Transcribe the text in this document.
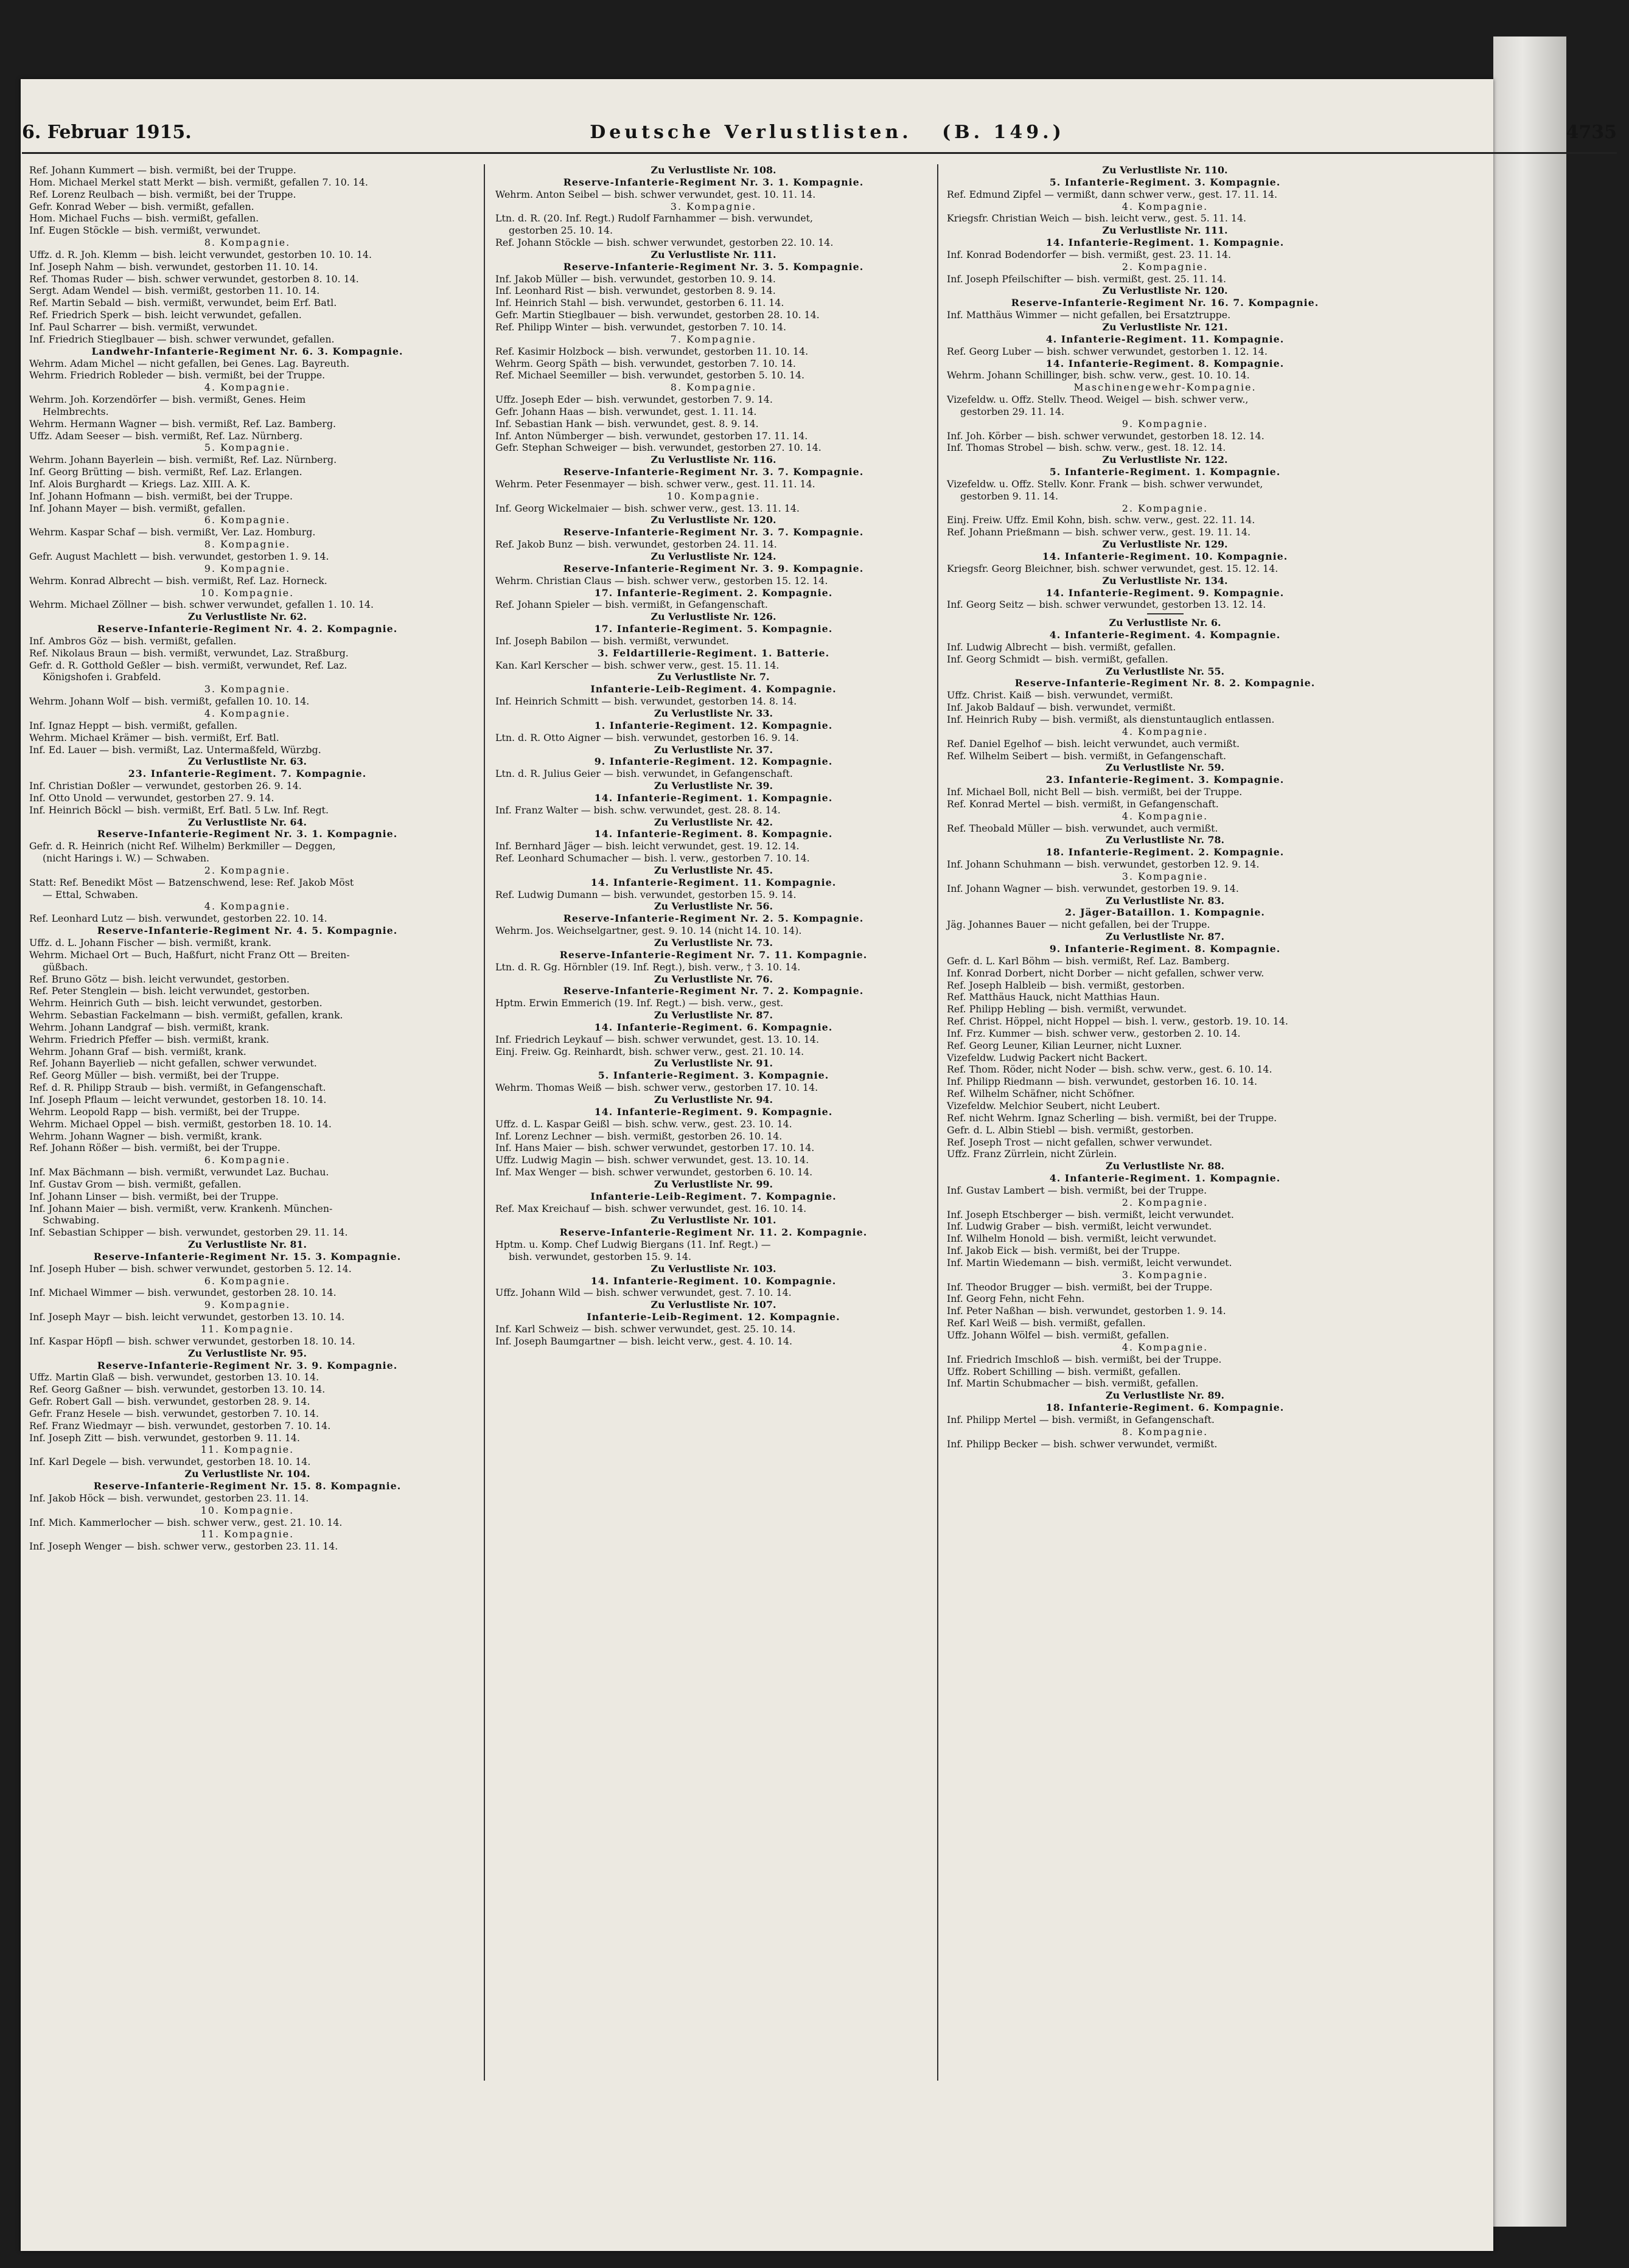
6. Februar 1915.	Deutsche Verlustlisten. (B. 149.)	4735
Ref. Johann Kummert — bish. vermißt, bei der Truppe.
Hom. Michael Merkel statt Merkt — bish. vermißt, gefallen 7. 10. 14.
Ref. Lorenz Reulbach — bish. vermißt, bei der Truppe.
Gefr. Konrad Weber — bish. vermißt, gefallen.
Hom. Michael Fuchs — bish. vermißt, gefallen.
Inf. Eugen Stöckle — bish. vermißt, verwundet.
8. Kompagnie.
Uffz. d. R. Joh. Klemm — bish. leicht verwundet, gestorben 10. 10. 14.
Inf. Joseph Nahm — bish. verwundet, gestorben 11. 10. 14.
Ref. Thomas Ruder — bish. schwer verwundet, gestorben 8. 10. 14.
Sergt. Adam Wendel — bish. vermißt, gestorben 11. 10. 14.
Ref. Martin Sebald — bish. vermißt, verwundet, beim Erf. Batl.
Ref. Friedrich Sperk — bish. leicht verwundet, gefallen.
Inf. Paul Scharrer — bish. vermißt, verwundet.
Inf. Friedrich Stieglbauer — bish. schwer verwundet, gefallen.
Landwehr-Infanterie-Regiment Nr. 6. 3. Kompagnie.
Wehrm. Adam Michel — nicht gefallen, bei Genes. Lag. Bayreuth.
Wehrm. Friedrich Robleder — bish. vermißt, bei der Truppe.
4. Kompagnie.
Wehrm. Joh. Korzendörfer — bish. vermißt, Genes. Heim
Helmbrechts.
Wehrm. Hermann Wagner — bish. vermißt, Ref. Laz. Bamberg.
Uffz. Adam Seeser — bish. vermißt, Ref. Laz. Nürnberg.
5. Kompagnie.
Wehrm. Johann Bayerlein — bish. vermißt, Ref. Laz. Nürnberg.
Inf. Georg Brütting — bish. vermißt, Ref. Laz. Erlangen.
Inf. Alois Burghardt — Kriegs. Laz. XIII. A. K.
Inf. Johann Hofmann — bish. vermißt, bei der Truppe.
Inf. Johann Mayer — bish. vermißt, gefallen.
6. Kompagnie.
Wehrm. Kaspar Schaf — bish. vermißt, Ver. Laz. Homburg.
8. Kompagnie.
Gefr. August Machlett — bish. verwundet, gestorben 1. 9. 14.
9. Kompagnie.
Wehrm. Konrad Albrecht — bish. vermißt, Ref. Laz. Horneck.
10. Kompagnie.
Wehrm. Michael Zöllner — bish. schwer verwundet, gefallen 1. 10. 14.
Zu Verlustliste Nr. 62.
Reserve-Infanterie-Regiment Nr. 4. 2. Kompagnie.
Inf. Ambros Göz — bish. vermißt, gefallen.
Ref. Nikolaus Braun — bish. vermißt, verwundet, Laz. Straßburg.
Gefr. d. R. Gotthold Geßler — bish. vermißt, verwundet, Ref. Laz.
Königshofen i. Grabfeld.
3. Kompagnie.
Wehrm. Johann Wolf — bish. vermißt, gefallen 10. 10. 14.
4. Kompagnie.
Inf. Ignaz Heppt — bish. vermißt, gefallen.
Wehrm. Michael Krämer — bish. vermißt, Erf. Batl.
Inf. Ed. Lauer — bish. vermißt, Laz. Untermaßfeld, Würzbg.
Zu Verlustliste Nr. 63.
23. Infanterie-Regiment. 7. Kompagnie.
Inf. Christian Doßler — verwundet, gestorben 26. 9. 14.
Inf. Otto Unold — verwundet, gestorben 27. 9. 14.
Inf. Heinrich Böckl — bish. vermißt, Erf. Batl. 5 Lw. Inf. Regt.
Zu Verlustliste Nr. 64.
Reserve-Infanterie-Regiment Nr. 3. 1. Kompagnie.
Gefr. d. R. Heinrich (nicht Ref. Wilhelm) Berkmiller — Deggen,
(nicht Harings i. W.) — Schwaben.
2. Kompagnie.
Statt: Ref. Benedikt Möst — Batzenschwend, lese: Ref. Jakob Möst
— Ettal, Schwaben.
4. Kompagnie.
Ref. Leonhard Lutz — bish. verwundet, gestorben 22. 10. 14.
Reserve-Infanterie-Regiment Nr. 4. 5. Kompagnie.
Uffz. d. L. Johann Fischer — bish. vermißt, krank.
Wehrm. Michael Ort — Buch, Haßfurt, nicht Franz Ott — Breiten-
güßbach.
Ref. Bruno Götz — bish. leicht verwundet, gestorben.
Ref. Peter Stenglein — bish. leicht verwundet, gestorben.
Wehrm. Heinrich Guth — bish. leicht verwundet, gestorben.
Wehrm. Sebastian Fackelmann — bish. vermißt, gefallen, krank.
Wehrm. Johann Landgraf — bish. vermißt, krank.
Wehrm. Friedrich Pfeffer — bish. vermißt, krank.
Wehrm. Johann Graf — bish. vermißt, krank.
Ref. Johann Bayerlieb — nicht gefallen, schwer verwundet.
Ref. Georg Müller — bish. vermißt, bei der Truppe.
Ref. d. R. Philipp Straub — bish. vermißt, in Gefangenschaft.
Inf. Joseph Pflaum — leicht verwundet, gestorben 18. 10. 14.
Wehrm. Leopold Rapp — bish. vermißt, bei der Truppe.
Wehrm. Michael Oppel — bish. vermißt, gestorben 18. 10. 14.
Wehrm. Johann Wagner — bish. vermißt, krank.
Ref. Johann Rößer — bish. vermißt, bei der Truppe.
6. Kompagnie.
Inf. Max Bächmann — bish. vermißt, verwundet Laz. Buchau.
Inf. Gustav Grom — bish. vermißt, gefallen.
Inf. Johann Linser — bish. vermißt, bei der Truppe.
Inf. Johann Maier — bish. vermißt, verw. Krankenh. München-
Schwabing.
Inf. Sebastian Schipper — bish. verwundet, gestorben 29. 11. 14.
Zu Verlustliste Nr. 81.
Reserve-Infanterie-Regiment Nr. 15. 3. Kompagnie.
Inf. Joseph Huber — bish. schwer verwundet, gestorben 5. 12. 14.
6. Kompagnie.
Inf. Michael Wimmer — bish. verwundet, gestorben 28. 10. 14.
9. Kompagnie.
Inf. Joseph Mayr — bish. leicht verwundet, gestorben 13. 10. 14.
11. Kompagnie.
Inf. Kaspar Höpfl — bish. schwer verwundet, gestorben 18. 10. 14.
Zu Verlustliste Nr. 95.
Reserve-Infanterie-Regiment Nr. 3. 9. Kompagnie.
Uffz. Martin Glaß — bish. verwundet, gestorben 13. 10. 14.
Ref. Georg Gaßner — bish. verwundet, gestorben 13. 10. 14.
Gefr. Robert Gall — bish. verwundet, gestorben 28. 9. 14.
Gefr. Franz Hesele — bish. verwundet, gestorben 7. 10. 14.
Ref. Franz Wiedmayr — bish. verwundet, gestorben 7. 10. 14.
Inf. Joseph Zitt — bish. verwundet, gestorben 9. 11. 14.
11. Kompagnie.
Inf. Karl Degele — bish. verwundet, gestorben 18. 10. 14.
Zu Verlustliste Nr. 104.
Reserve-Infanterie-Regiment Nr. 15. 8. Kompagnie.
Inf. Jakob Höck — bish. verwundet, gestorben 23. 11. 14.
10. Kompagnie.
Inf. Mich. Kammerlocher — bish. schwer verw., gest. 21. 10. 14.
11. Kompagnie.
Inf. Joseph Wenger — bish. schwer verw., gestorben 23. 11. 14.
Zu Verlustliste Nr. 108.
Reserve-Infanterie-Regiment Nr. 3. 1. Kompagnie.
Wehrm. Anton Seibel — bish. schwer verwundet, gest. 10. 11. 14.
3. Kompagnie.
Ltn. d. R. (20. Inf. Regt.) Rudolf Farnhammer — bish. verwundet,
gestorben 25. 10. 14.
Ref. Johann Stöckle — bish. schwer verwundet, gestorben 22. 10. 14.
Zu Verlustliste Nr. 111.
Reserve-Infanterie-Regiment Nr. 3. 5. Kompagnie.
Inf. Jakob Müller — bish. verwundet, gestorben 10. 9. 14.
Inf. Leonhard Rist — bish. verwundet, gestorben 8. 9. 14.
Inf. Heinrich Stahl — bish. verwundet, gestorben 6. 11. 14.
Gefr. Martin Stieglbauer — bish. verwundet, gestorben 28. 10. 14.
Ref. Philipp Winter — bish. verwundet, gestorben 7. 10. 14.
7. Kompagnie.
Ref. Kasimir Holzbock — bish. verwundet, gestorben 11. 10. 14.
Wehrm. Georg Späth — bish. verwundet, gestorben 7. 10. 14.
Ref. Michael Seemiller — bish. verwundet, gestorben 5. 10. 14.
8. Kompagnie.
Uffz. Joseph Eder — bish. verwundet, gestorben 7. 9. 14.
Gefr. Johann Haas — bish. verwundet, gest. 1. 11. 14.
Inf. Sebastian Hank — bish. verwundet, gest. 8. 9. 14.
Inf. Anton Nümberger — bish. verwundet, gestorben 17. 11. 14.
Gefr. Stephan Schweiger — bish. verwundet, gestorben 27. 10. 14.
Zu Verlustliste Nr. 116.
Reserve-Infanterie-Regiment Nr. 3. 7. Kompagnie.
Wehrm. Peter Fesenmayer — bish. schwer verw., gest. 11. 11. 14.
10. Kompagnie.
Inf. Georg Wickelmaier — bish. schwer verw., gest. 13. 11. 14.
Zu Verlustliste Nr. 120.
Reserve-Infanterie-Regiment Nr. 3. 7. Kompagnie.
Ref. Jakob Bunz — bish. verwundet, gestorben 24. 11. 14.
Zu Verlustliste Nr. 124.
Reserve-Infanterie-Regiment Nr. 3. 9. Kompagnie.
Wehrm. Christian Claus — bish. schwer verw., gestorben 15. 12. 14.
17. Infanterie-Regiment. 2. Kompagnie.
Ref. Johann Spieler — bish. vermißt, in Gefangenschaft.
Zu Verlustliste Nr. 126.
17. Infanterie-Regiment. 5. Kompagnie.
Inf. Joseph Babilon — bish. vermißt, verwundet.
3. Feldartillerie-Regiment. 1. Batterie.
Kan. Karl Kerscher — bish. schwer verw., gest. 15. 11. 14.
Zu Verlustliste Nr. 7.
Infanterie-Leib-Regiment. 4. Kompagnie.
Inf. Heinrich Schmitt — bish. verwundet, gestorben 14. 8. 14.
Zu Verlustliste Nr. 33.
1. Infanterie-Regiment. 12. Kompagnie.
Ltn. d. R. Otto Aigner — bish. verwundet, gestorben 16. 9. 14.
Zu Verlustliste Nr. 37.
9. Infanterie-Regiment. 12. Kompagnie.
Ltn. d. R. Julius Geier — bish. verwundet, in Gefangenschaft.
Zu Verlustliste Nr. 39.
14. Infanterie-Regiment. 1. Kompagnie.
Inf. Franz Walter — bish. schw. verwundet, gest. 28. 8. 14.
Zu Verlustliste Nr. 42.
14. Infanterie-Regiment. 8. Kompagnie.
Inf. Bernhard Jäger — bish. leicht verwundet, gest. 19. 12. 14.
Ref. Leonhard Schumacher — bish. l. verw., gestorben 7. 10. 14.
Zu Verlustliste Nr. 45.
14. Infanterie-Regiment. 11. Kompagnie.
Ref. Ludwig Dumann — bish. verwundet, gestorben 15. 9. 14.
Zu Verlustliste Nr. 56.
Reserve-Infanterie-Regiment Nr. 2. 5. Kompagnie.
Wehrm. Jos. Weichselgartner, gest. 9. 10. 14 (nicht 14. 10. 14).
Zu Verlustliste Nr. 73.
Reserve-Infanterie-Regiment Nr. 7. 11. Kompagnie.
Ltn. d. R. Gg. Hörnbler (19. Inf. Regt.), bish. verw., † 3. 10. 14.
Zu Verlustliste Nr. 76.
Reserve-Infanterie-Regiment Nr. 7. 2. Kompagnie.
Hptm. Erwin Emmerich (19. Inf. Regt.) — bish. verw., gest.
Zu Verlustliste Nr. 87.
14. Infanterie-Regiment. 6. Kompagnie.
Inf. Friedrich Leykauf — bish. schwer verwundet, gest. 13. 10. 14.
Einj. Freiw. Gg. Reinhardt, bish. schwer verw., gest. 21. 10. 14.
Zu Verlustliste Nr. 91.
5. Infanterie-Regiment. 3. Kompagnie.
Wehrm. Thomas Weiß — bish. schwer verw., gestorben 17. 10. 14.
Zu Verlustliste Nr. 94.
14. Infanterie-Regiment. 9. Kompagnie.
Uffz. d. L. Kaspar Geißl — bish. schw. verw., gest. 23. 10. 14.
Inf. Lorenz Lechner — bish. vermißt, gestorben 26. 10. 14.
Inf. Hans Maier — bish. schwer verwundet, gestorben 17. 10. 14.
Uffz. Ludwig Magin — bish. schwer verwundet, gest. 13. 10. 14.
Inf. Max Wenger — bish. schwer verwundet, gestorben 6. 10. 14.
Zu Verlustliste Nr. 99.
Infanterie-Leib-Regiment. 7. Kompagnie.
Ref. Max Kreichauf — bish. schwer verwundet, gest. 16. 10. 14.
Zu Verlustliste Nr. 101.
Reserve-Infanterie-Regiment Nr. 11. 2. Kompagnie.
Hptm. u. Komp. Chef Ludwig Biergans (11. Inf. Regt.) —
bish. verwundet, gestorben 15. 9. 14.
Zu Verlustliste Nr. 103.
14. Infanterie-Regiment. 10. Kompagnie.
Uffz. Johann Wild — bish. schwer verwundet, gest. 7. 10. 14.
Zu Verlustliste Nr. 107.
Infanterie-Leib-Regiment. 12. Kompagnie.
Inf. Karl Schweiz — bish. schwer verwundet, gest. 25. 10. 14.
Inf. Joseph Baumgartner — bish. leicht verw., gest. 4. 10. 14.
Zu Verlustliste Nr. 110.
5. Infanterie-Regiment. 3. Kompagnie.
Ref. Edmund Zipfel — vermißt, dann schwer verw., gest. 17. 11. 14.
4. Kompagnie.
Kriegsfr. Christian Weich — bish. leicht verw., gest. 5. 11. 14.
Zu Verlustliste Nr. 111.
14. Infanterie-Regiment. 1. Kompagnie.
Inf. Konrad Bodendorfer — bish. vermißt, gest. 23. 11. 14.
2. Kompagnie.
Inf. Joseph Pfeilschifter — bish. vermißt, gest. 25. 11. 14.
Zu Verlustliste Nr. 120.
Reserve-Infanterie-Regiment Nr. 16. 7. Kompagnie.
Inf. Matthäus Wimmer — nicht gefallen, bei Ersatztruppe.
Zu Verlustliste Nr. 121.
4. Infanterie-Regiment. 11. Kompagnie.
Ref. Georg Luber — bish. schwer verwundet, gestorben 1. 12. 14.
14. Infanterie-Regiment. 8. Kompagnie.
Wehrm. Johann Schillinger, bish. schw. verw., gest. 10. 10. 14.
Maschinengewehr-Kompagnie.
Vizefeldw. u. Offz. Stellv. Theod. Weigel — bish. schwer verw.,
gestorben 29. 11. 14.
9. Kompagnie.
Inf. Joh. Körber — bish. schwer verwundet, gestorben 18. 12. 14.
Inf. Thomas Strobel — bish. schw. verw., gest. 18. 12. 14.
Zu Verlustliste Nr. 122.
5. Infanterie-Regiment. 1. Kompagnie.
Vizefeldw. u. Offz. Stellv. Konr. Frank — bish. schwer verwundet,
gestorben 9. 11. 14.
2. Kompagnie.
Einj. Freiw. Uffz. Emil Kohn, bish. schw. verw., gest. 22. 11. 14.
Ref. Johann Prießmann — bish. schwer verw., gest. 19. 11. 14.
Zu Verlustliste Nr. 129.
14. Infanterie-Regiment. 10. Kompagnie.
Kriegsfr. Georg Bleichner, bish. schwer verwundet, gest. 15. 12. 14.
Zu Verlustliste Nr. 134.
14. Infanterie-Regiment. 9. Kompagnie.
Inf. Georg Seitz — bish. schwer verwundet, gestorben 13. 12. 14.
Zu Verlustliste Nr. 6.
4. Infanterie-Regiment. 4. Kompagnie.
Inf. Ludwig Albrecht — bish. vermißt, gefallen.
Inf. Georg Schmidt — bish. vermißt, gefallen.
Zu Verlustliste Nr. 55.
Reserve-Infanterie-Regiment Nr. 8. 2. Kompagnie.
Uffz. Christ. Kaiß — bish. verwundet, vermißt.
Inf. Jakob Baldauf — bish. verwundet, vermißt.
Inf. Heinrich Ruby — bish. vermißt, als dienstuntauglich entlassen.
4. Kompagnie.
Ref. Daniel Egelhof — bish. leicht verwundet, auch vermißt.
Ref. Wilhelm Seibert — bish. vermißt, in Gefangenschaft.
Zu Verlustliste Nr. 59.
23. Infanterie-Regiment. 3. Kompagnie.
Inf. Michael Boll, nicht Bell — bish. vermißt, bei der Truppe.
Ref. Konrad Mertel — bish. vermißt, in Gefangenschaft.
4. Kompagnie.
Ref. Theobald Müller — bish. verwundet, auch vermißt.
Zu Verlustliste Nr. 78.
18. Infanterie-Regiment. 2. Kompagnie.
Inf. Johann Schuhmann — bish. verwundet, gestorben 12. 9. 14.
3. Kompagnie.
Inf. Johann Wagner — bish. verwundet, gestorben 19. 9. 14.
Zu Verlustliste Nr. 83.
2. Jäger-Bataillon. 1. Kompagnie.
Jäg. Johannes Bauer — nicht gefallen, bei der Truppe.
Zu Verlustliste Nr. 87.
9. Infanterie-Regiment. 8. Kompagnie.
Gefr. d. L. Karl Böhm — bish. vermißt, Ref. Laz. Bamberg.
Inf. Konrad Dorbert, nicht Dorber — nicht gefallen, schwer verw.
Ref. Joseph Halbleib — bish. vermißt, gestorben.
Ref. Matthäus Hauck, nicht Matthias Haun.
Ref. Philipp Hebling — bish. vermißt, verwundet.
Ref. Christ. Höppel, nicht Hoppel — bish. l. verw., gestorb. 19. 10. 14.
Inf. Frz. Kummer — bish. schwer verw., gestorben 2. 10. 14.
Ref. Georg Leuner, Kilian Leurner, nicht Luxner.
Vizefeldw. Ludwig Packert nicht Backert.
Ref. Thom. Röder, nicht Noder — bish. schw. verw., gest. 6. 10. 14.
Inf. Philipp Riedmann — bish. verwundet, gestorben 16. 10. 14.
Ref. Wilhelm Schäfner, nicht Schöfner.
Vizefeldw. Melchior Seubert, nicht Leubert.
Ref. nicht Wehrm. Ignaz Scherling — bish. vermißt, bei der Truppe.
Gefr. d. L. Albin Stiebl — bish. vermißt, gestorben.
Ref. Joseph Trost — nicht gefallen, schwer verwundet.
Uffz. Franz Zürrlein, nicht Zürlein.
Zu Verlustliste Nr. 88.
4. Infanterie-Regiment. 1. Kompagnie.
Inf. Gustav Lambert — bish. vermißt, bei der Truppe.
2. Kompagnie.
Inf. Joseph Etschberger — bish. vermißt, leicht verwundet.
Inf. Ludwig Graber — bish. vermißt, leicht verwundet.
Inf. Wilhelm Honold — bish. vermißt, leicht verwundet.
Inf. Jakob Eick — bish. vermißt, bei der Truppe.
Inf. Martin Wiedemann — bish. vermißt, leicht verwundet.
3. Kompagnie.
Inf. Theodor Brugger — bish. vermißt, bei der Truppe.
Inf. Georg Fehn, nicht Fehn.
Inf. Peter Naßhan — bish. verwundet, gestorben 1. 9. 14.
Ref. Karl Weiß — bish. vermißt, gefallen.
Uffz. Johann Wölfel — bish. vermißt, gefallen.
4. Kompagnie.
Inf. Friedrich Imschloß — bish. vermißt, bei der Truppe.
Uffz. Robert Schilling — bish. vermißt, gefallen.
Inf. Martin Schubmacher — bish. vermißt, gefallen.
Zu Verlustliste Nr. 89.
18. Infanterie-Regiment. 6. Kompagnie.
Inf. Philipp Mertel — bish. vermißt, in Gefangenschaft.
8. Kompagnie.
Inf. Philipp Becker — bish. schwer verwundet, vermißt.
